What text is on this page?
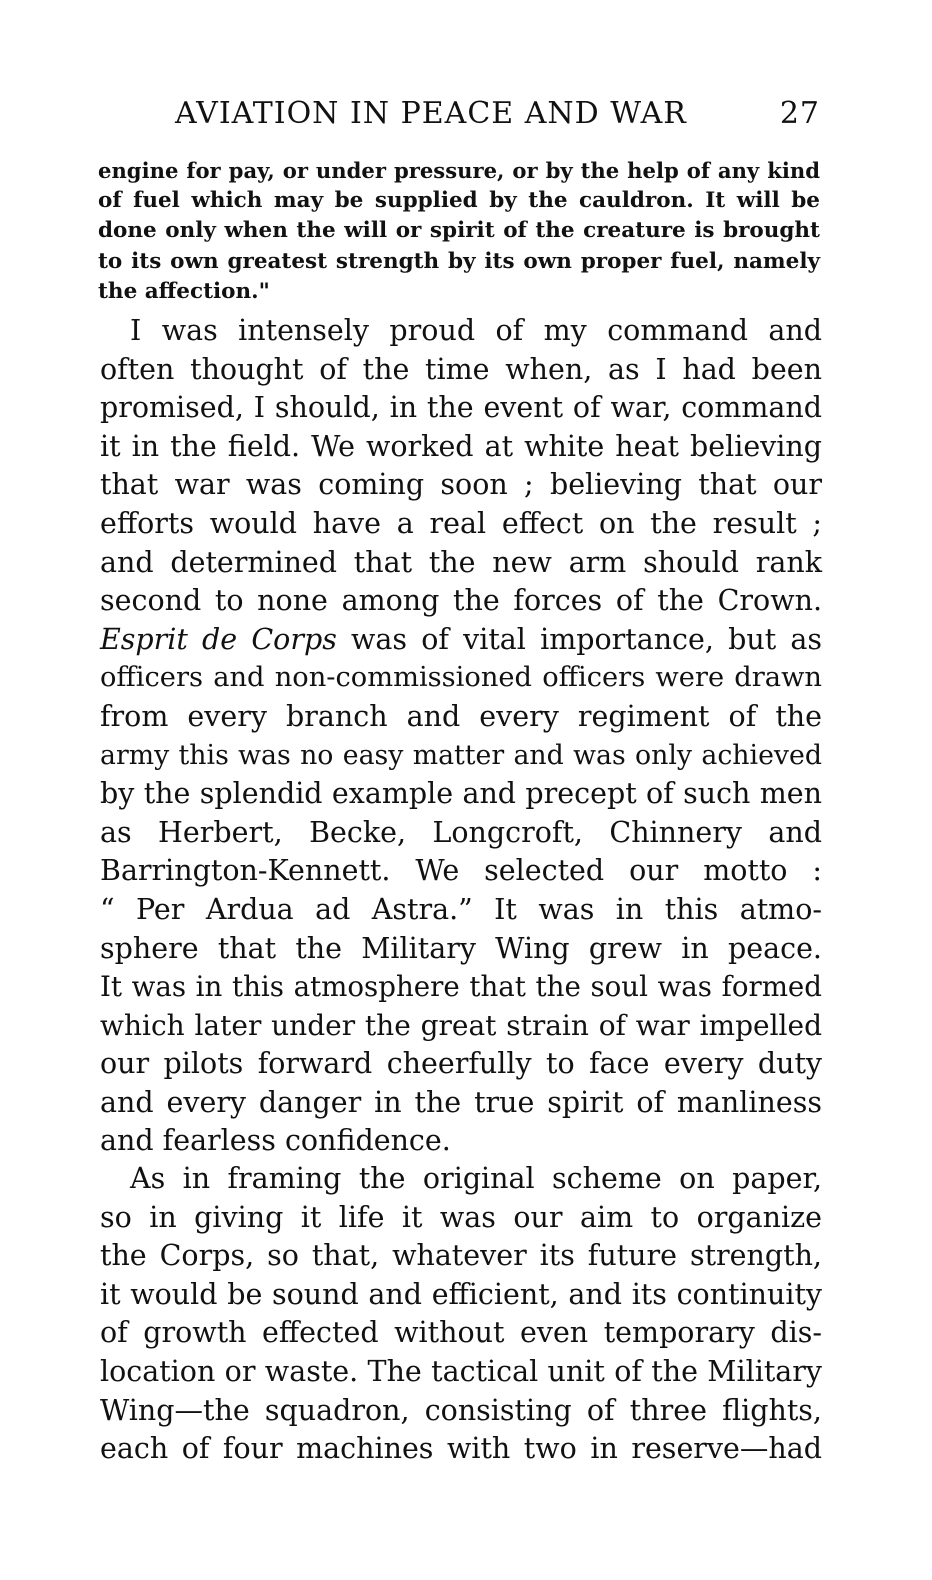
AVIATION IN PEACE AND WAR	27
engine for pay, or under pressure, or by the help of any kind
of fuel which may be supplied by the cauldron. It will be
done only when the will or spirit of the creature is brought
to its own greatest strength by its own proper fuel, namely
the affection."
I was intensely proud of my command and
often thought of the time when, as I had been
promised, I should, in the event of war, command
it in the field. We worked at white heat believing
that war was coming soon ; believing that our
efforts would have a real effect on the result ;
and determined that the new arm should rank
second to none among the forces of the Crown.
Esprit de Corps was of vital importance, but as
officers and non-commissioned officers were drawn
from every branch and every regiment of the
army this was no easy matter and was only achieved
by the splendid example and precept of such men
as Herbert, Becke, Longcroft, Chinnery and
Barrington-Kennett. We selected our motto :
“ Per Ardua ad Astra.” It was in this atmo-
sphere that the Military Wing grew in peace.
It was in this atmosphere that the soul was formed
which later under the great strain of war impelled
our pilots forward cheerfully to face every duty
and every danger in the true spirit of manliness
and fearless confidence.
As in framing the original scheme on paper,
so in giving it life it was our aim to organize
the Corps, so that, whatever its future strength,
it would be sound and efficient, and its continuity
of growth effected without even temporary dis-
location or waste. The tactical unit of the Military
Wing—the squadron, consisting of three flights,
each of four machines with two in reserve—had
